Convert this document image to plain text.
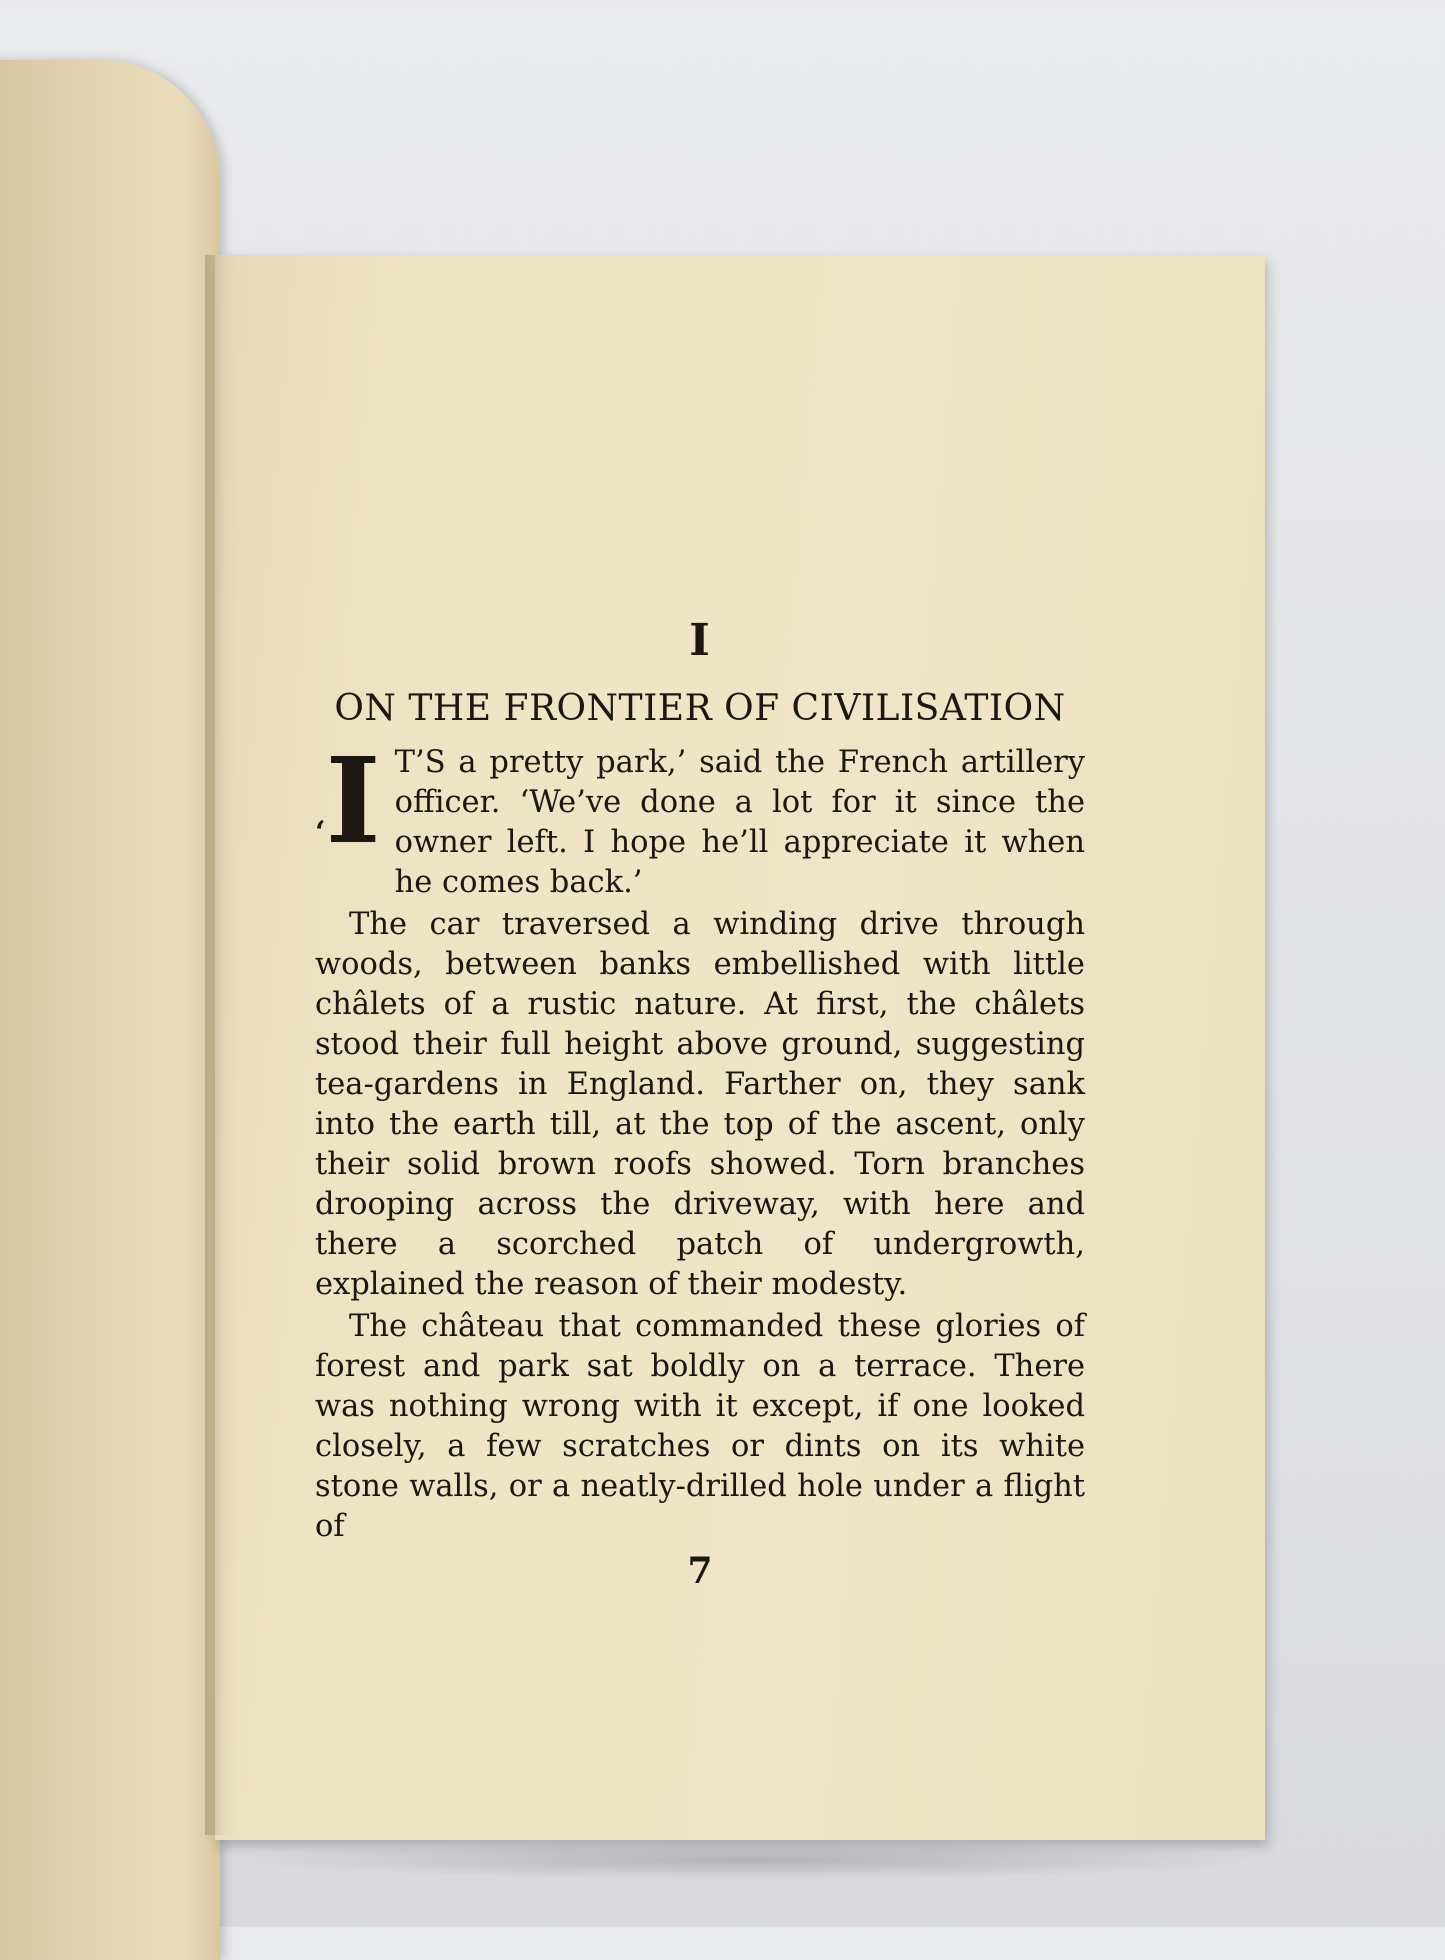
I
ON THE FRONTIER OF CIVILISATION

‘I T’S a pretty park,’ said the French artillery officer. ‘We’ve done a lot for it since the owner left. I hope he’ll appreciate it when he comes back.’

The car traversed a winding drive through woods, between banks embellished with little châlets of a rustic nature. At first, the châlets stood their full height above ground, suggesting tea-gardens in England. Farther on, they sank into the earth till, at the top of the ascent, only their solid brown roofs showed. Torn branches drooping across the driveway, with here and there a scorched patch of undergrowth, explained the reason of their modesty.

The château that commanded these glories of forest and park sat boldly on a terrace. There was nothing wrong with it except, if one looked closely, a few scratches or dints on its white stone walls, or a neatly-drilled hole under a flight of

7
